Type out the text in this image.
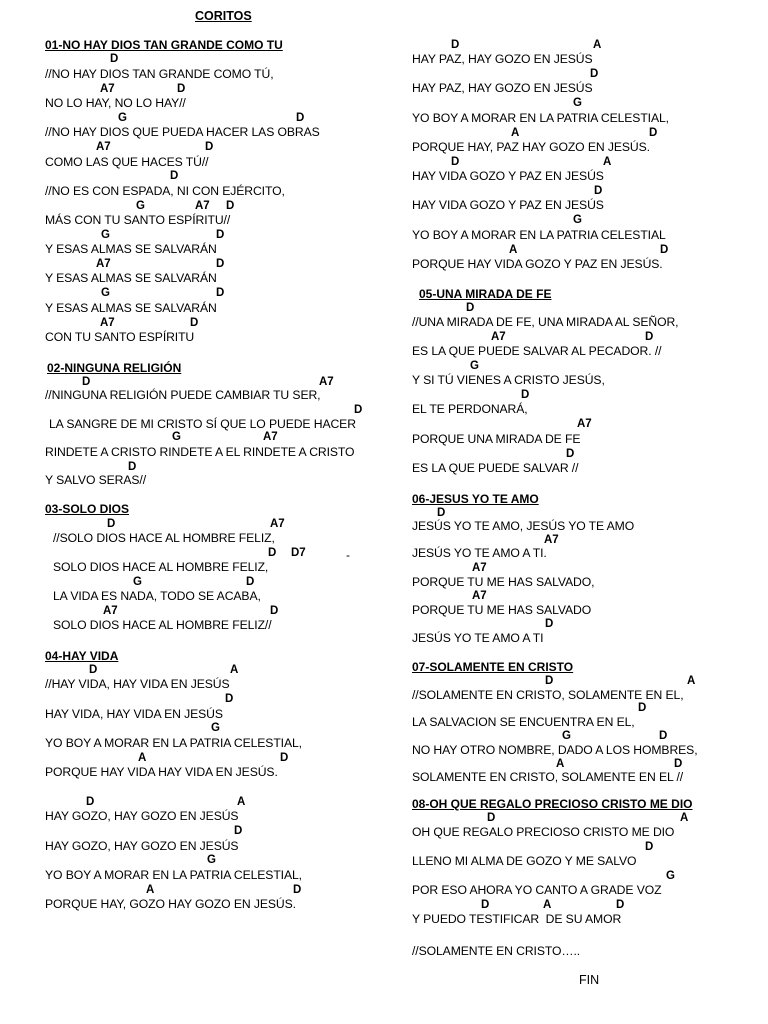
CORITOS
01-NO HAY DIOS TAN GRANDE COMO TU
D
//NO HAY DIOS TAN GRANDE COMO TÚ,
A7	D
NO LO HAY, NO LO HAY//
G	D
//NO HAY DIOS QUE PUEDA HACER LAS OBRAS
A7	D
COMO LAS QUE HACES TÚ//
D
//NO ES CON ESPADA, NI CON EJÉRCITO,
G	A7 D
MÁS CON TU SANTO ESPÍRITU//
G	D
Y ESAS ALMAS SE SALVARÁN
A7	D
Y ESAS ALMAS SE SALVARÁN
G	D
Y ESAS ALMAS SE SALVARÁN
A7	D
CON TU SANTO ESPÍRITU
02-NINGUNA RELIGIÓN
D	A7
//NINGUNA RELIGIÓN PUEDE CAMBIAR TU SER,
D
LA SANGRE DE MI CRISTO SÍ QUE LO PUEDE HACER
G	A7
RINDETE A CRISTO RINDETE A EL RINDETE A CRISTO
D
Y SALVO SERAS//
03-SOLO DIOS
D	A7
//SOLO DIOS HACE AL HOMBRE FELIZ,
D D7	-
SOLO DIOS HACE AL HOMBRE FELIZ,
G	D
LA VIDA ES NADA, TODO SE ACABA,
A7	D
SOLO DIOS HACE AL HOMBRE FELIZ//
04-HAY VIDA
D	A
//HAY VIDA, HAY VIDA EN JESÚS
D
HAY VIDA, HAY VIDA EN JESÚS
G
YO BOY A MORAR EN LA PATRIA CELESTIAL,
A	D
PORQUE HAY VIDA HAY VIDA EN JESÚS.
D	A
HAY GOZO, HAY GOZO EN JESÚS
D
HAY GOZO, HAY GOZO EN JESÚS
G
YO BOY A MORAR EN LA PATRIA CELESTIAL,
A	D
PORQUE HAY, GOZO HAY GOZO EN JESÚS.
D	A
HAY PAZ, HAY GOZO EN JESÚS
D
HAY PAZ, HAY GOZO EN JESÚS
G
YO BOY A MORAR EN LA PATRIA CELESTIAL,
A	D
PORQUE HAY, PAZ HAY GOZO EN JESÚS.
D	A
HAY VIDA GOZO Y PAZ EN JESÚS
D
HAY VIDA GOZO Y PAZ EN JESÚS
G
YO BOY A MORAR EN LA PATRIA CELESTIAL
A	D
PORQUE HAY VIDA GOZO Y PAZ EN JESÚS.
05-UNA MIRADA DE FE
D
//UNA MIRADA DE FE, UNA MIRADA AL SEÑOR,
A7	D
ES LA QUE PUEDE SALVAR AL PECADOR. //
G
Y SI TÚ VIENES A CRISTO JESÚS,
D
EL TE PERDONARÁ,
A7
PORQUE UNA MIRADA DE FE
D
ES LA QUE PUEDE SALVAR //
06-JESUS YO TE AMO
D
JESÚS YO TE AMO, JESÚS YO TE AMO
A7
JESÚS YO TE AMO A TI.
A7
PORQUE TU ME HAS SALVADO,
A7
PORQUE TU ME HAS SALVADO
D
JESÚS YO TE AMO A TI
07-SOLAMENTE EN CRISTO
D	A
//SOLAMENTE EN CRISTO, SOLAMENTE EN EL,
D
LA SALVACION SE ENCUENTRA EN EL,
G	D
NO HAY OTRO NOMBRE, DADO A LOS HOMBRES,
A	D
SOLAMENTE EN CRISTO, SOLAMENTE EN EL //
08-OH QUE REGALO PRECIOSO CRISTO ME DIO
D	A
OH QUE REGALO PRECIOSO CRISTO ME DIO
D
LLENO MI ALMA DE GOZO Y ME SALVO
G
POR ESO AHORA YO CANTO A GRADE VOZ
D	A	D
Y PUEDO TESTIFICAR  DE SU AMOR
//SOLAMENTE EN CRISTO…..
FIN
